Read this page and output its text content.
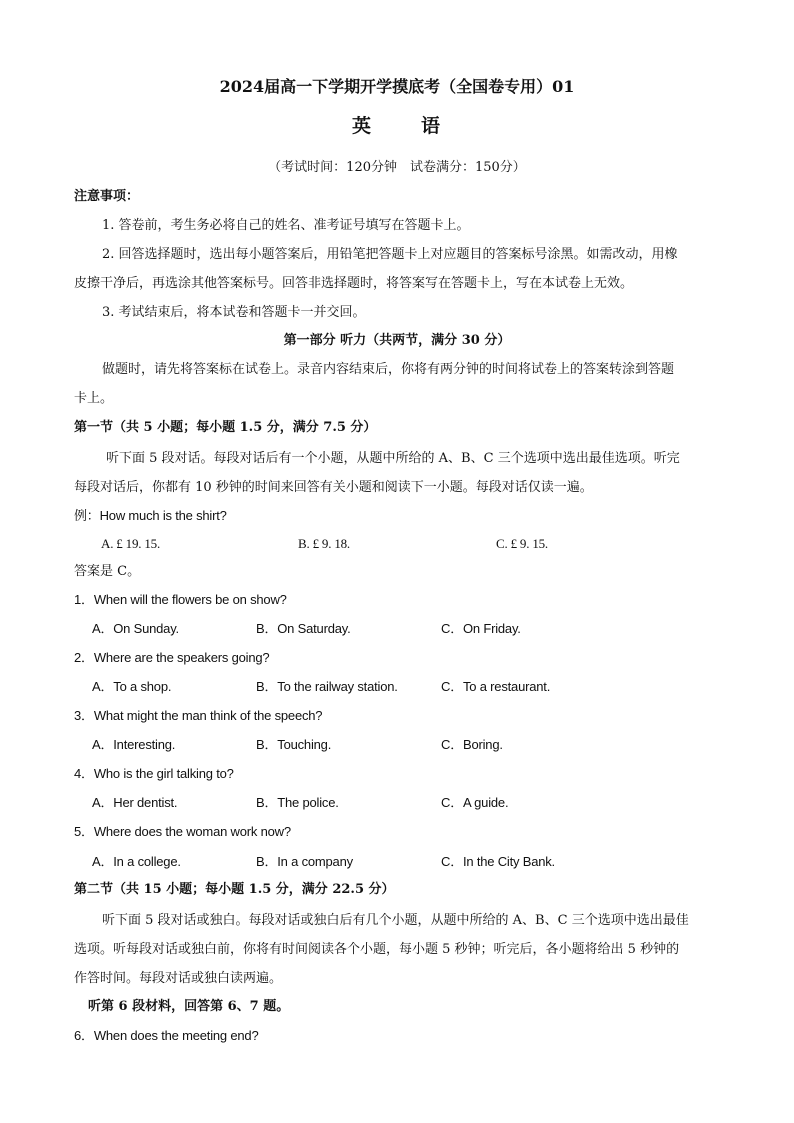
2024届高一下学期开学摸底考（全国卷专用）01
英	语
（考试时间：120分钟　试卷满分：150分）
注意事项：
1. 答卷前，考生务必将自己的姓名、准考证号填写在答题卡上。
2. 回答选择题时，选出每小题答案后，用铅笔把答题卡上对应题目的答案标号涂黑。如需改动，用橡
皮擦干净后，再选涂其他答案标号。回答非选择题时，将答案写在答题卡上，写在本试卷上无效。
3. 考试结束后，将本试卷和答题卡一并交回。
第一部分 听力（共两节，满分 30 分）
做题时，请先将答案标在试卷上。录音内容结束后，你将有两分钟的时间将试卷上的答案转涂到答题
卡上。
第一节（共 5 小题；每小题 1.5 分，满分 7.5 分）
听下面 5 段对话。每段对话后有一个小题，从题中所给的 A、B、C 三个选项中选出最佳选项。听完
每段对话后，你都有 10 秒钟的时间来回答有关小题和阅读下一小题。每段对话仅读一遍。
例：How much is the shirt?
A. £ 19. 15.	B. £ 9. 18.	C. £ 9. 15.
答案是 C。
1．When will the flowers be on show?
A．On Sunday.	B．On Saturday.	C．On Friday.
2．Where are the speakers going?
A．To a shop.	B．To the railway station.	C．To a restaurant.
3．What might the man think of the speech?
A．Interesting.	B．Touching.	C．Boring.
4．Who is the girl talking to?
A．Her dentist.	B．The police.	C．A guide.
5．Where does the woman work now?
A．In a college.	B．In a company	C．In the City Bank.
第二节（共 15 小题；每小题 1.5 分，满分 22.5 分）
听下面 5 段对话或独白。每段对话或独白后有几个小题，从题中所给的 A、B、C 三个选项中选出最佳
选项。听每段对话或独白前，你将有时间阅读各个小题，每小题 5 秒钟；听完后，各小题将给出 5 秒钟的
作答时间。每段对话或独白读两遍。
听第 6 段材料，回答第 6、7 题。
6．When does the meeting end?
